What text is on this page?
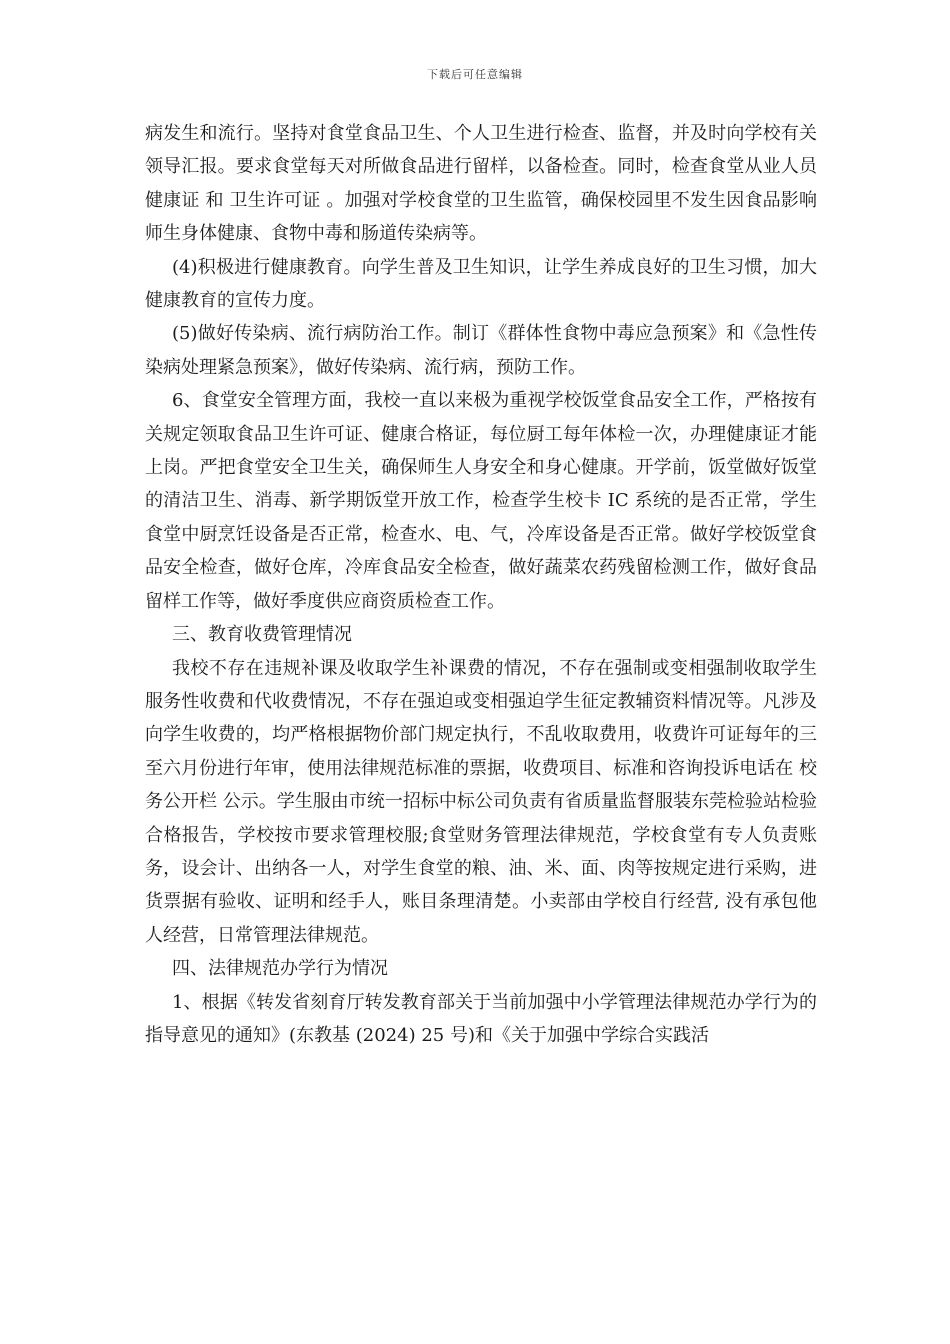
下载后可任意编辑

病发生和流行。坚持对食堂食品卫生、个人卫生进行检查、监督，并及时向学校有关领导汇报。要求食堂每天对所做食品进行留样，以备检查。同时，检查食堂从业人员 健康证 和 卫生许可证 。加强对学校食堂的卫生监管，确保校园里不发生因食品影响师生身体健康、食物中毒和肠道传染病等。

(4)积极进行健康教育。向学生普及卫生知识，让学生养成良好的卫生习惯，加大健康教育的宣传力度。

(5)做好传染病、流行病防治工作。制订《群体性食物中毒应急预案》和《急性传染病处理紧急预案》，做好传染病、流行病，预防工作。

6、食堂安全管理方面，我校一直以来极为重视学校饭堂食品安全工作，严格按有关规定领取食品卫生许可证、健康合格证，每位厨工每年体检一次，办理健康证才能上岗。严把食堂安全卫生关，确保师生人身安全和身心健康。开学前，饭堂做好饭堂的清洁卫生、消毒、新学期饭堂开放工作，检查学生校卡 IC 系统的是否正常，学生食堂中厨烹饪设备是否正常，检查水、电、气，冷库设备是否正常。做好学校饭堂食品安全检查，做好仓库，冷库食品安全检查，做好蔬菜农药残留检测工作，做好食品留样工作等，做好季度供应商资质检查工作。

三、教育收费管理情况

我校不存在违规补课及收取学生补课费的情况，不存在强制或变相强制收取学生服务性收费和代收费情况，不存在强迫或变相强迫学生征定教辅资料情况等。凡涉及向学生收费的，均严格根据物价部门规定执行，不乱收取费用，收费许可证每年的三至六月份进行年审，使用法律规范标准的票据，收费项目、标准和咨询投诉电话在 校务公开栏 公示。学生服由市统一招标中标公司负责有省质量监督服装东莞检验站检验合格报告，学校按市要求管理校服;食堂财务管理法律规范，学校食堂有专人负责账务，设会计、出纳各一人，对学生食堂的粮、油、米、面、肉等按规定进行采购，进货票据有验收、证明和经手人，账目条理清楚。小卖部由学校自行经营, 没有承包他人经营，日常管理法律规范。

四、法律规范办学行为情况

1、根据《转发省刻育厅转发教育部关于当前加强中小学管理法律规范办学行为的指导意见的通知》(东教基 (2024) 25 号)和《关于加强中学综合实践活
